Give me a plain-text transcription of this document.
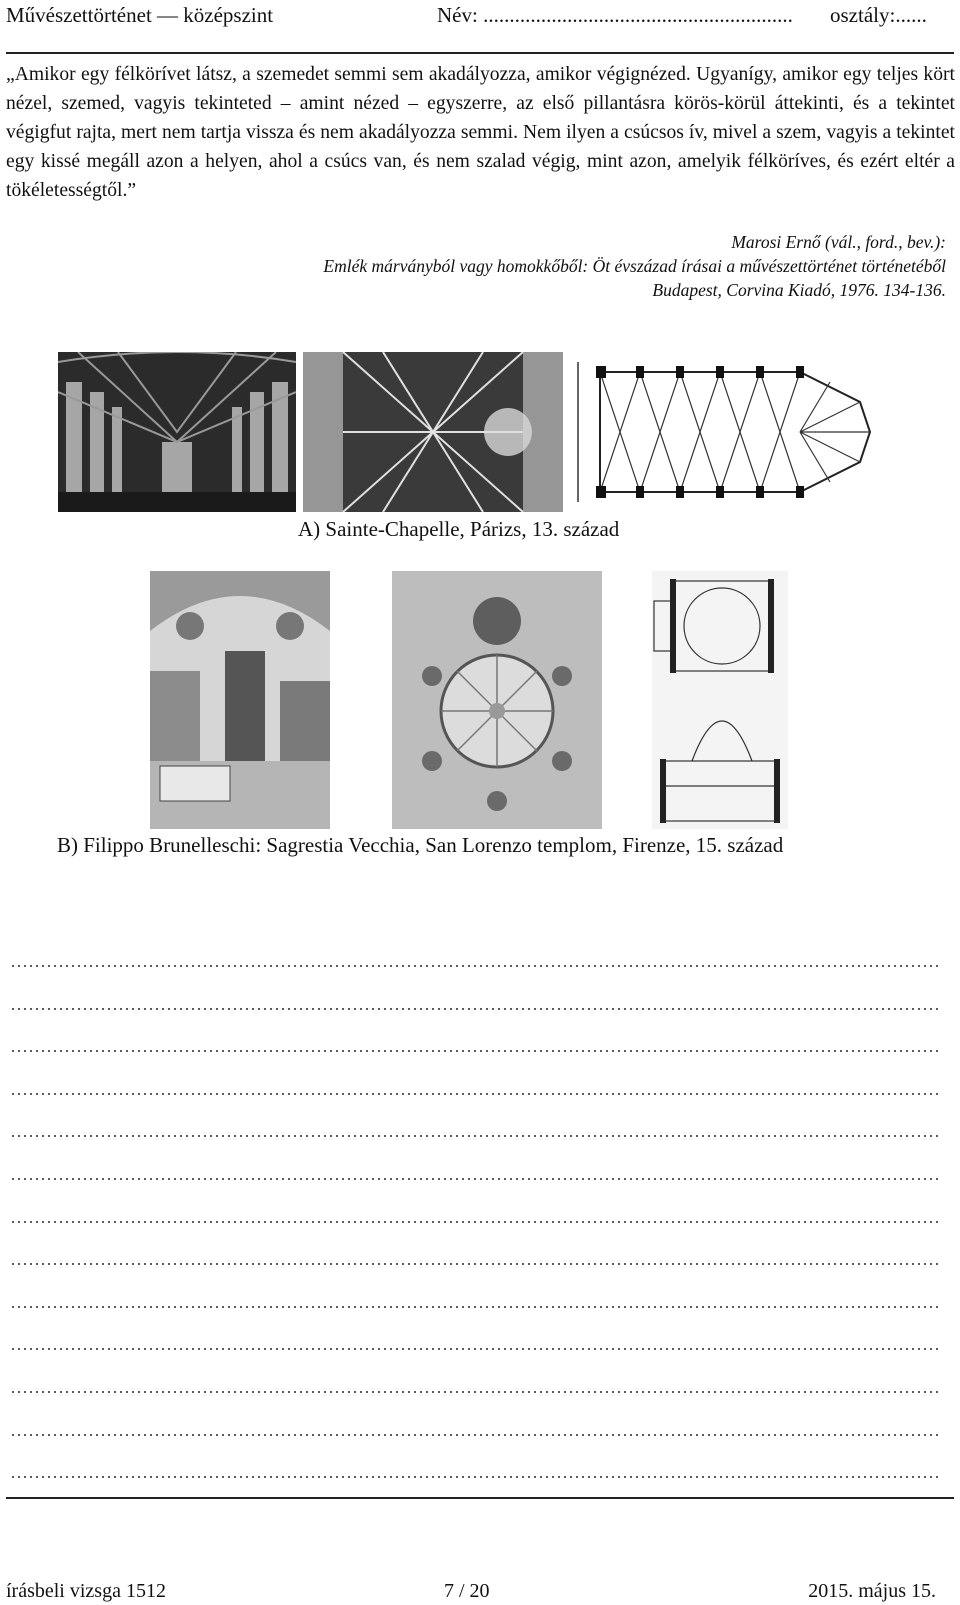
Művészettörténet — középszint	Név: ........................................................... osztály:......
„Amikor egy félkörívet látsz, a szemedet semmi sem akadályozza, amikor végignézed. Ugyanígy, amikor egy teljes kört nézel, szemed, vagyis tekinteted – amint nézed – egyszerre, az első pillantásra körös-körül áttekinti, és a tekintet végigfut rajta, mert nem tartja vissza és nem akadályozza semmi. Nem ilyen a csúcsos ív, mivel a szem, vagyis a tekintet egy kissé megáll azon a helyen, ahol a csúcs van, és nem szalad végig, mint azon, amelyik félköríves, és ezért eltér a tökéletességtől.”
Marosi Ernő (vál., ford., bev.):
Emlék márványból vagy homokkőből: Öt évszázad írásai a művészettörténet történetéből
Budapest, Corvina Kiadó, 1976. 134-136.
A) Sainte-Chapelle, Párizs, 13. század
B) Filippo Brunelleschi: Sagrestia Vecchia, San Lorenzo templom, Firenze, 15. század
írásbeli vizsga 1512	7 / 20	2015. május 15.
